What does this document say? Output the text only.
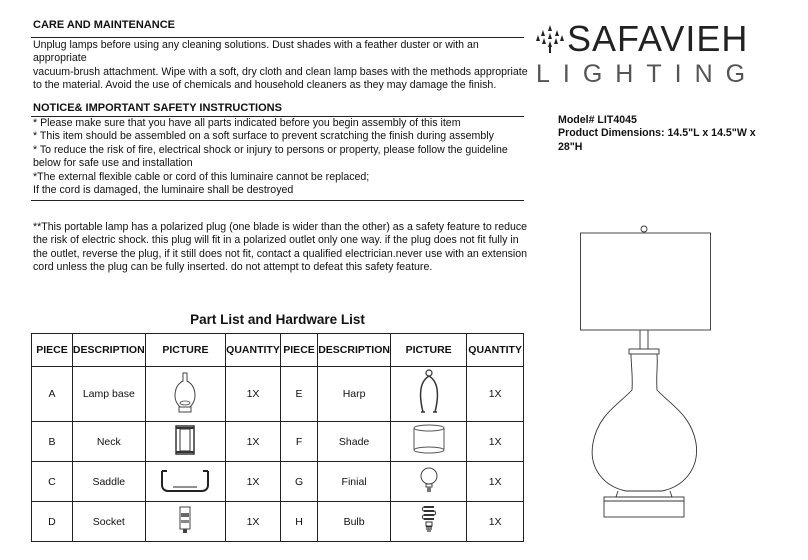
CARE AND MAINTENANCE
Unplug lamps before using any cleaning solutions. Dust shades with a feather duster or with an
appropriate
vacuum-brush attachment. Wipe with a soft, dry cloth and clean lamp bases with the methods appropriate
to the material. Avoid the use of chemicals and household cleaners as they may damage the finish.
NOTICE& IMPORTANT SAFETY INSTRUCTIONS
* Please make sure that you have all parts indicated before you begin assembly of this item
* This item should be assembled on a soft surface to prevent scratching the finish during assembly
* To reduce the risk of fire, electrical shock or injury to persons or property, please follow the guideline
below for safe use and installation
*The external flexible cable or cord of this luminaire cannot be replaced;
If the cord is damaged, the luminaire shall be destroyed
**This portable lamp has a polarized plug (one blade is wider than the other) as a safety feature to reduce
the risk of electric shock. this plug will fit in a polarized outlet only one way. if the plug does not fit fully in
the outlet, reverse the plug, if it still does not fit, contact a qualified electrician.never use with an extension
cord unless the plug can be fully inserted. do not attempt to defeat this safety feature.
Part List and Hardware List
PIECE	DESCRIPTION	PICTURE	QUANTITY	PIECE	DESCRIPTION	PICTURE	QUANTITY
A	Lamp base		1X	E	Harp		1X
B	Neck		1X	F	Shade		1X
C	Saddle		1X	G	Finial		1X
D	Socket		1X	H	Bulb		1X
SAFAVIEH
LIGHTING
Model# LIT4045
Product Dimensions: 14.5"L x 14.5"W x
28"H
